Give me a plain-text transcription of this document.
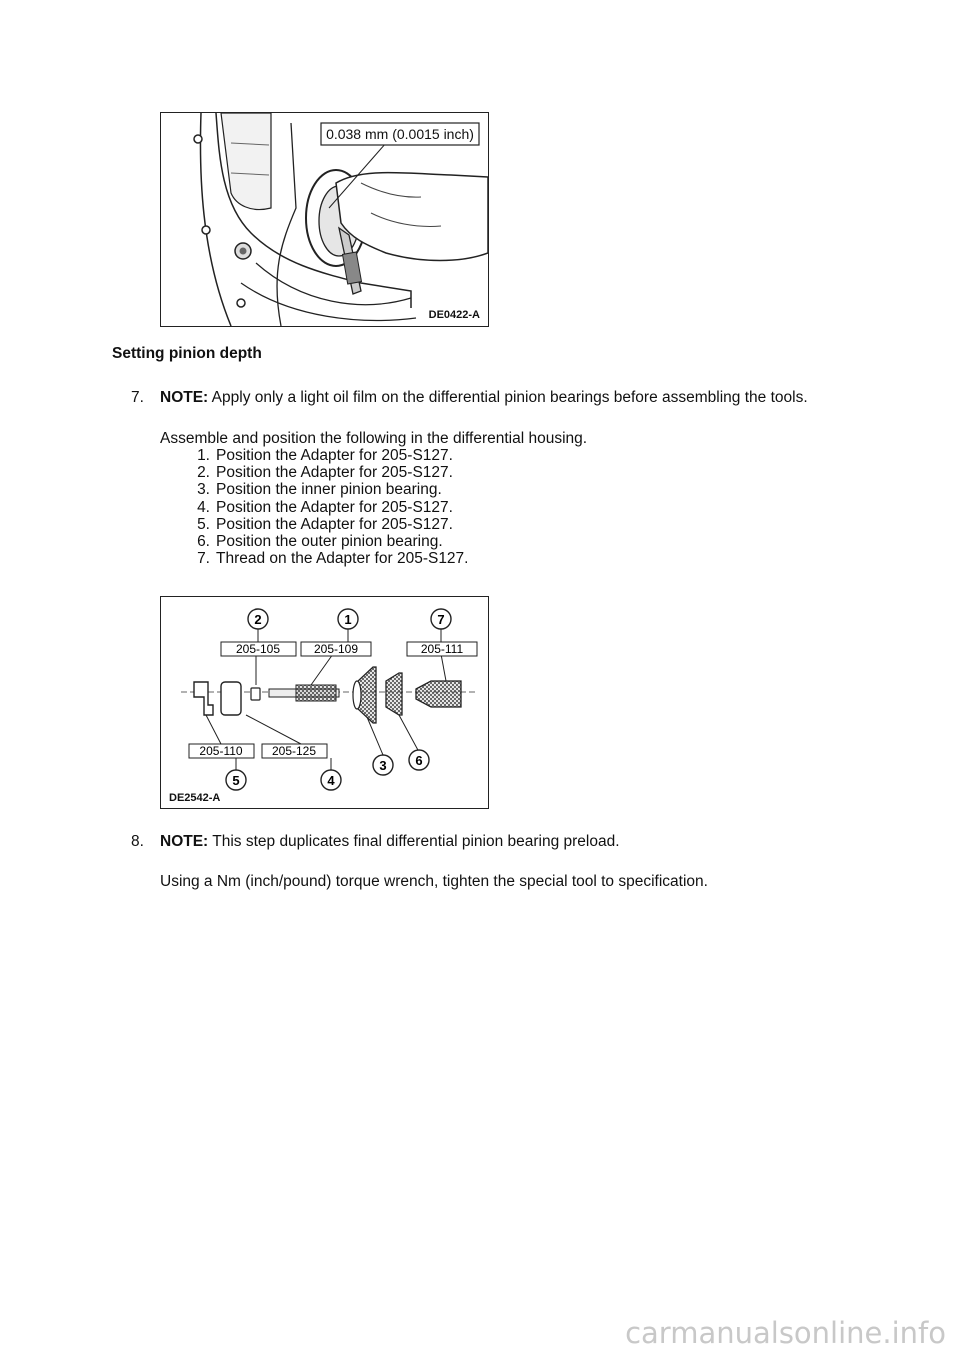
0.038 mm (0.0015 inch)
DE0422-A
Setting pinion depth
7. NOTE: Apply only a light oil film on the differential pinion bearings before assembling the tools.
Assemble and position the following in the differential housing.
1. Position the Adapter for 205-S127.
2. Position the Adapter for 205-S127.
3. Position the inner pinion bearing.
4. Position the Adapter for 205-S127.
5. Position the Adapter for 205-S127.
6. Position the outer pinion bearing.
7. Thread on the Adapter for 205-S127.
2
205-105
1
205-109
7
205-111
205-110
5
205-125
4
3 6
DE2542-A
8. NOTE: This step duplicates final differential pinion bearing preload.
Using a Nm (inch/pound) torque wrench, tighten the special tool to specification.
carmanualsonline.info
